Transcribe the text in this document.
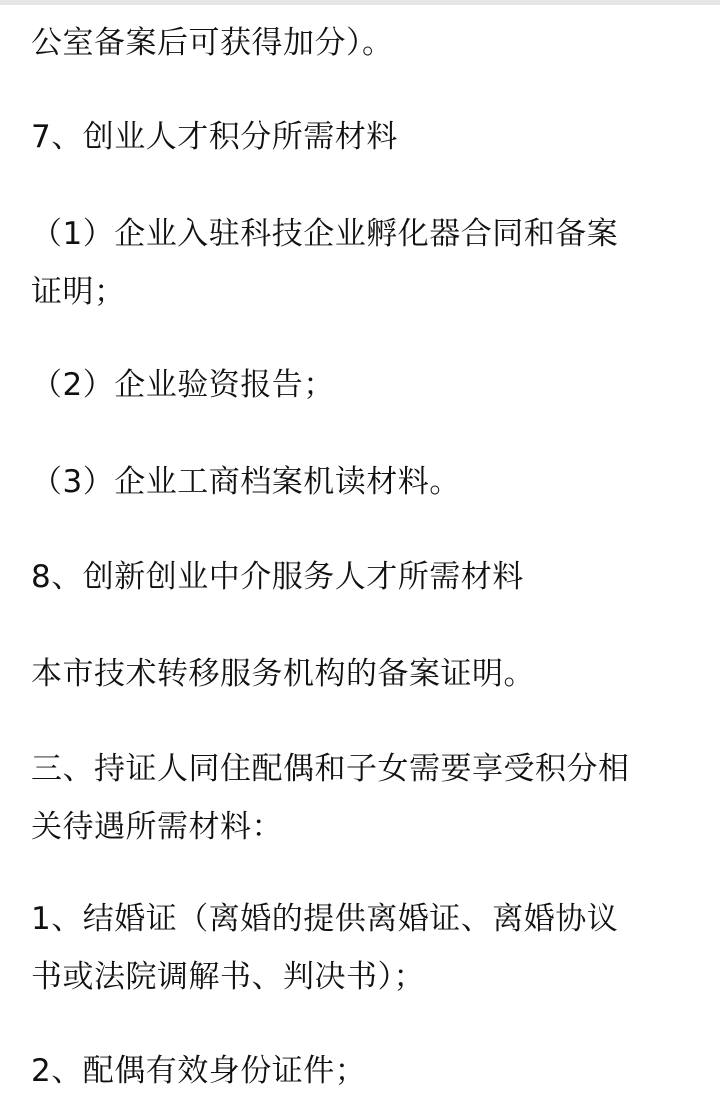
公室备案后可获得加分）。

7、创业人才积分所需材料

（1）企业入驻科技企业孵化器合同和备案
证明；

（2）企业验资报告；

（3）企业工商档案机读材料。

8、创新创业中介服务人才所需材料

本市技术转移服务机构的备案证明。

三、持证人同住配偶和子女需要享受积分相
关待遇所需材料：

1、结婚证（离婚的提供离婚证、离婚协议
书或法院调解书、判决书）；

2、配偶有效身份证件；
